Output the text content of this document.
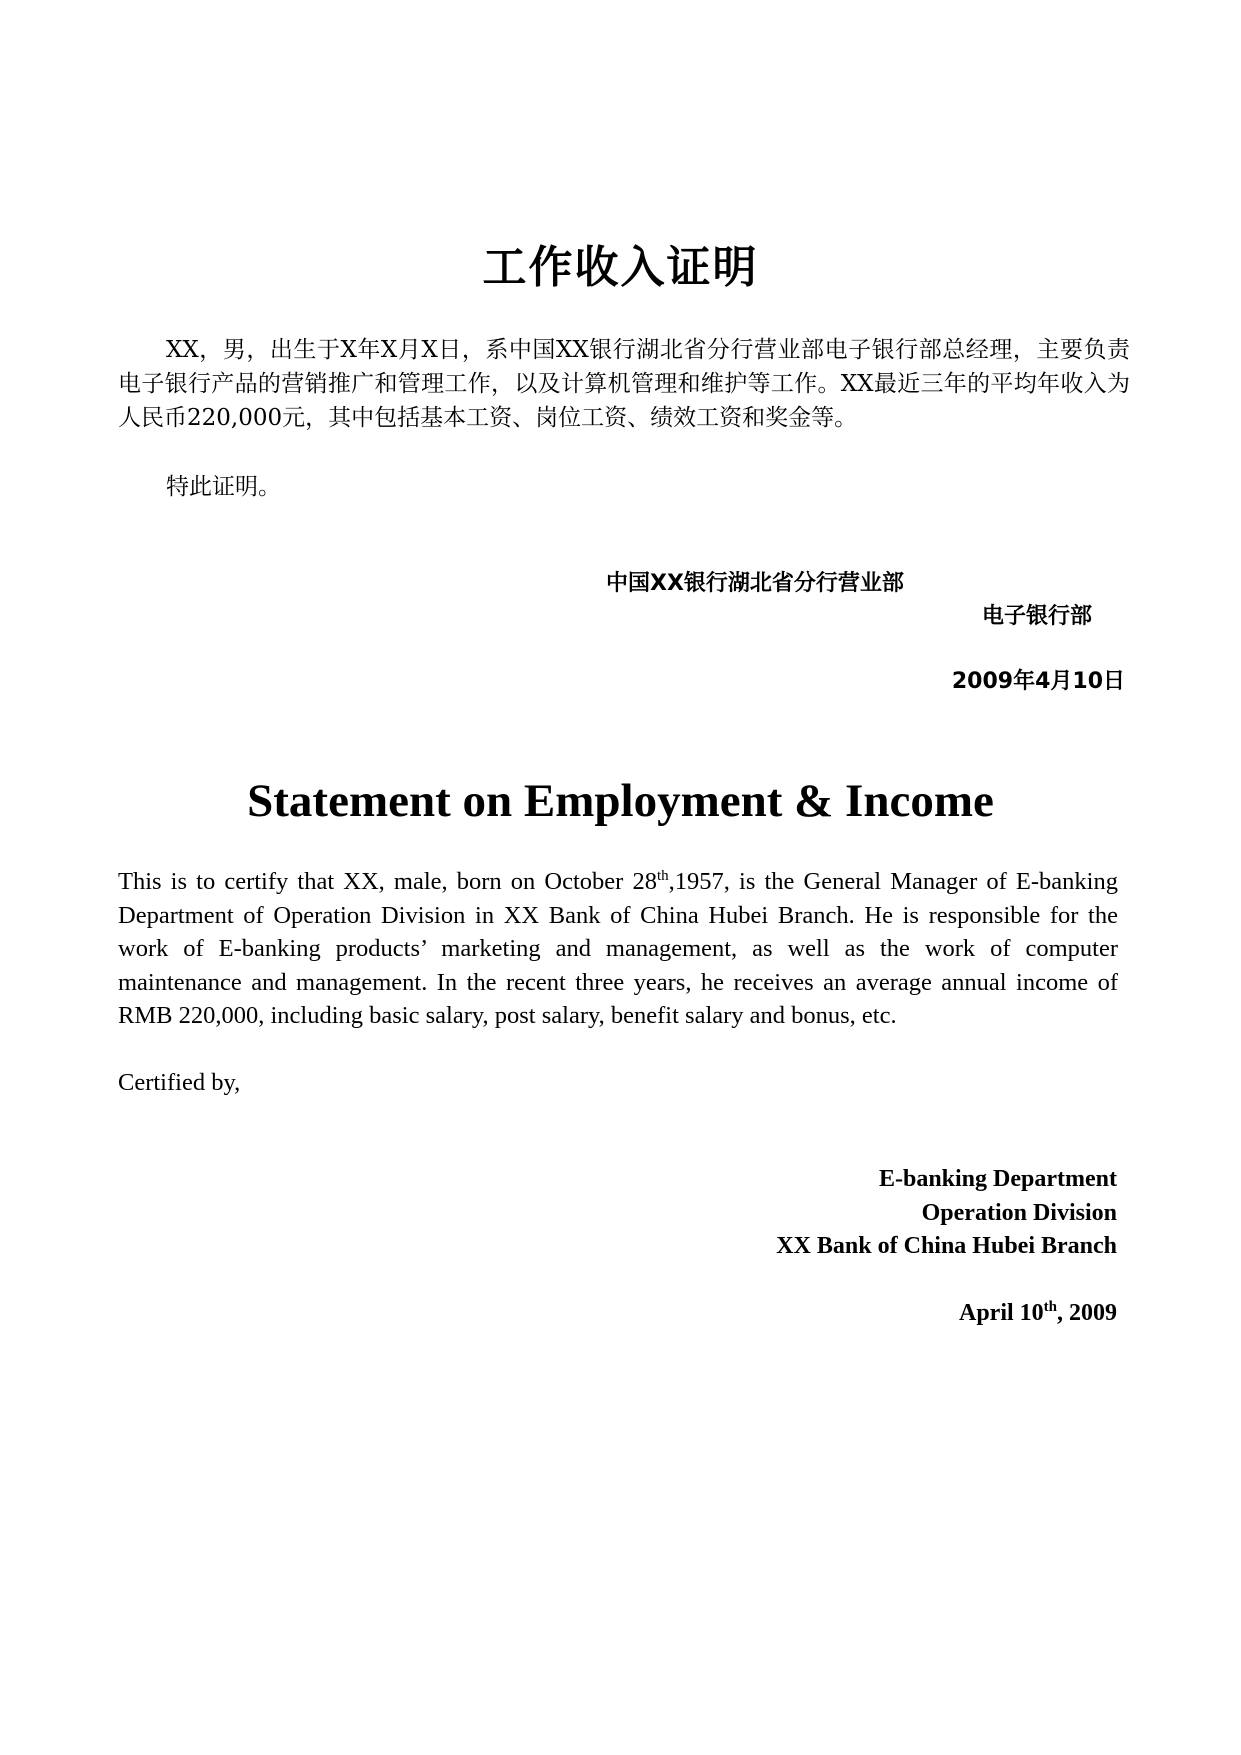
工作收入证明

XX，男，出生于X年X月X日，系中国XX银行湖北省分行营业部电子银行部总经理，主要负责电子银行产品的营销推广和管理工作，以及计算机管理和维护等工作。XX最近三年的平均年收入为人民币220,000元，其中包括基本工资、岗位工资、绩效工资和奖金等。

特此证明。
中国XX银行湖北省分行营业部
电子银行部
2009年4月10日
Statement on Employment & Income
This is to certify that XX, male, born on October 28th,1957, is the General Manager of E-banking Department of Operation Division in XX Bank of China Hubei Branch. He is responsible for the work of E-banking products’ marketing and management, as well as the work of computer maintenance and management. In the recent three years, he receives an average annual income of RMB 220,000, including basic salary, post salary, benefit salary and bonus, etc.
Certified by,
E-banking Department
Operation Division
XX Bank of China Hubei Branch
April 10th, 2009
